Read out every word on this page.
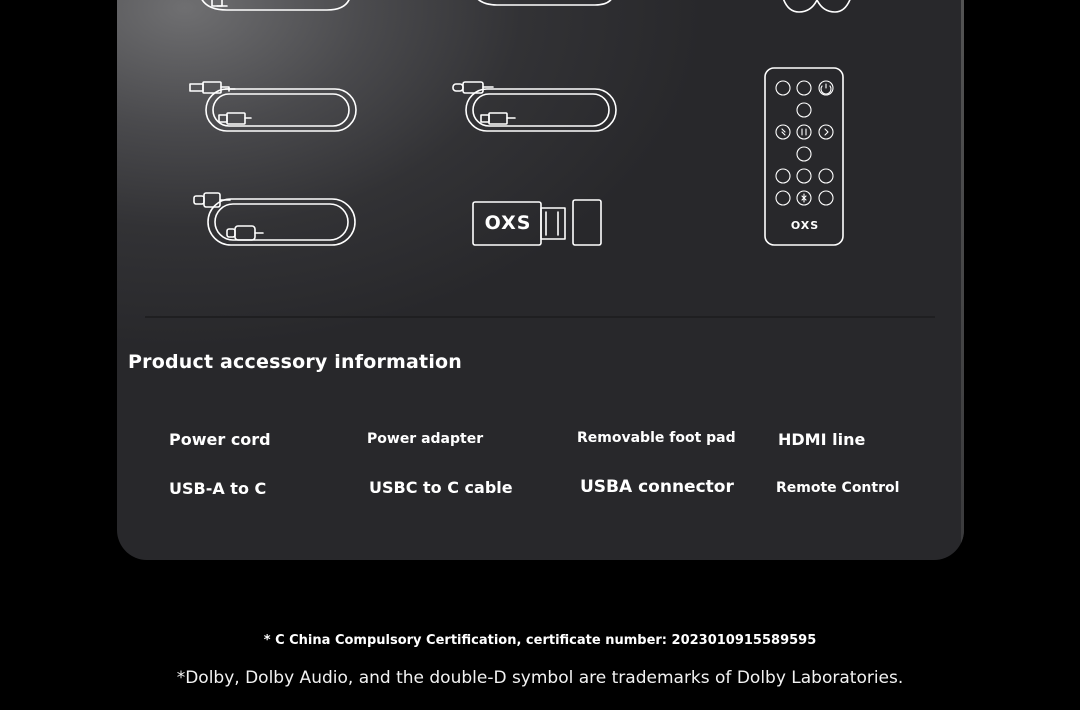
OXS
OXS
Product accessory information
Power cord	Power adapter	Removable foot pad	HDMI line
USB-A to C	USBC to C cable	USBA connector	Remote Control
* C China Compulsory Certification, certificate number: 2023010915589595
*Dolby, Dolby Audio, and the double-D symbol are trademarks of Dolby Laboratories.
